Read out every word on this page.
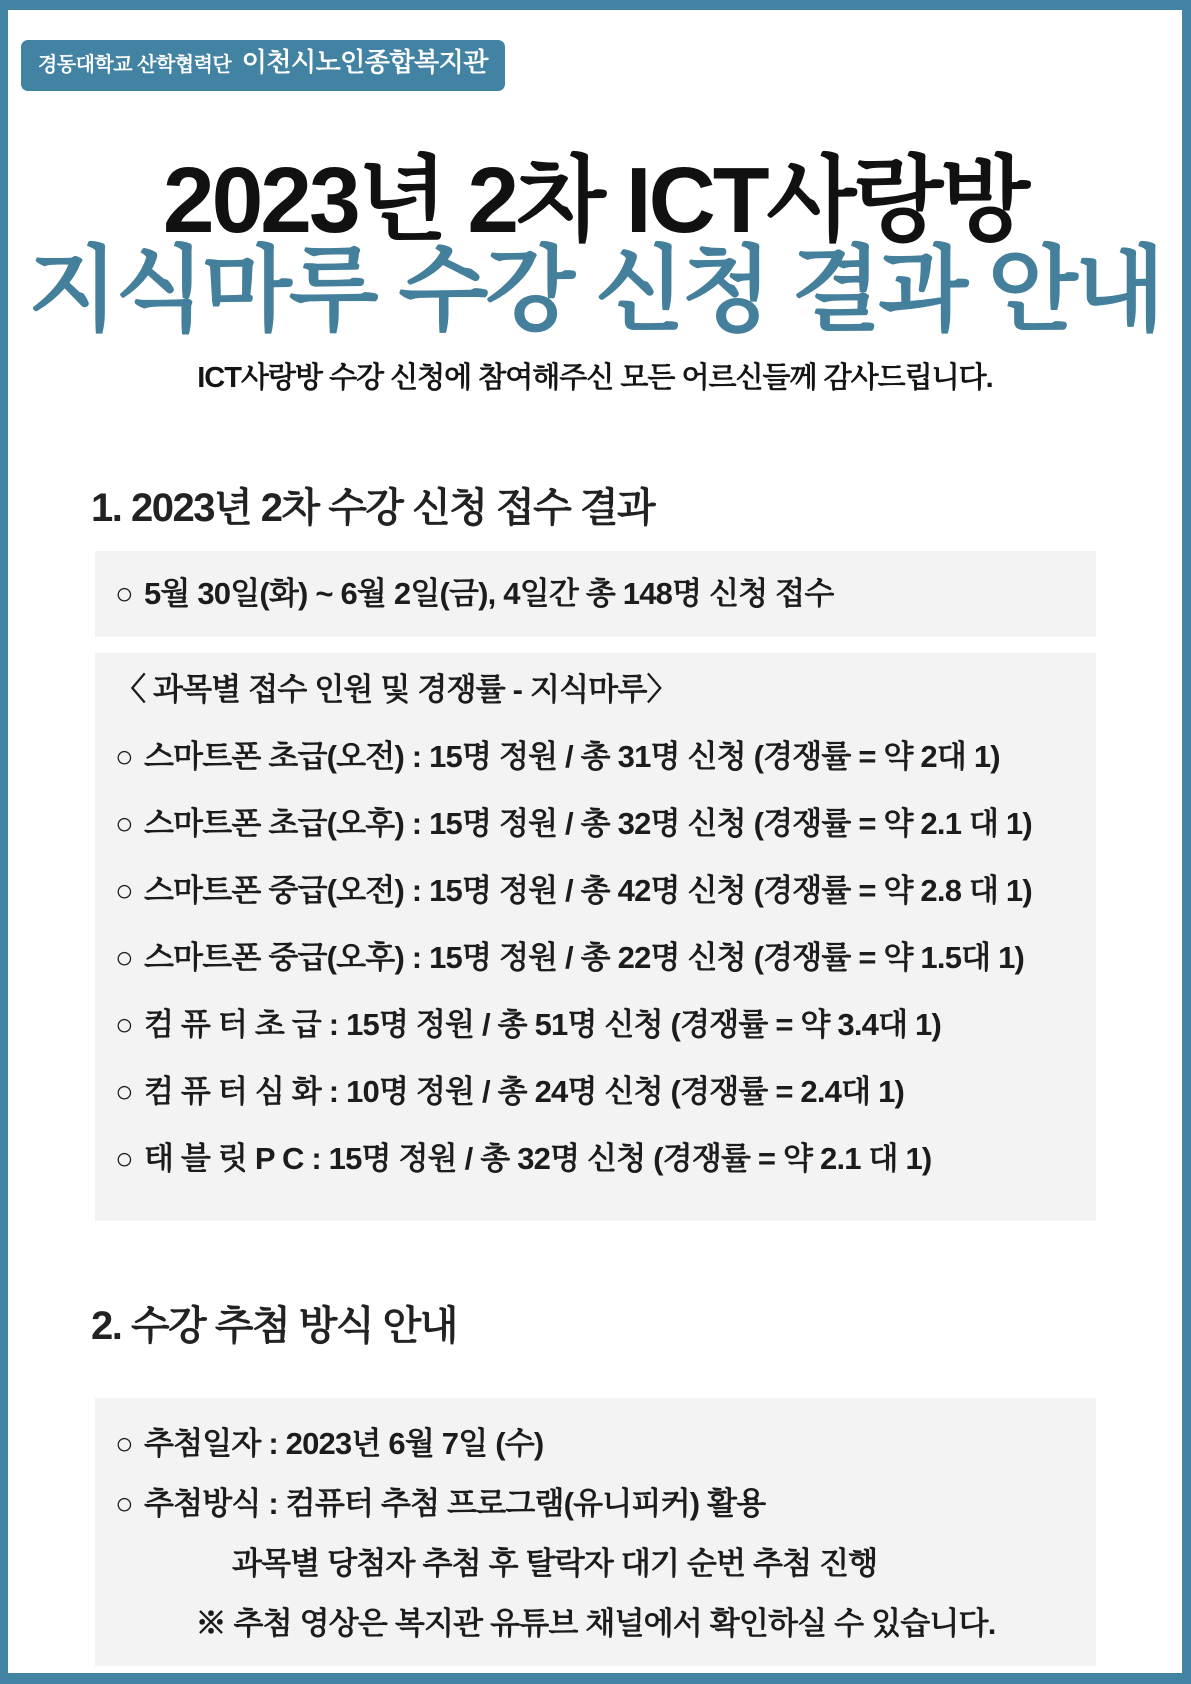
경동대학교 산학협력단 이천시노인종합복지관
2023년 2차 ICT사랑방
지식마루 수강 신청 결과 안내

ICT사랑방 수강 신청에 참여해주신 모든 어르신들께 감사드립니다.

1. 2023년 2차 수강 신청 접수 결과

○ 5월 30일(화) ~ 6월 2일(금), 4일간 총 148명 신청 접수

〈 과목별 접수 인원 및 경쟁률 - 지식마루〉

○ 스마트폰 초급(오전) : 15명 정원 / 총 31명 신청 (경쟁률 = 약 2대 1)

○ 스마트폰 초급(오후) : 15명 정원 / 총 32명 신청 (경쟁률 = 약 2.1 대 1)

○ 스마트폰 중급(오전) : 15명 정원 / 총 42명 신청 (경쟁률 = 약 2.8 대 1)

○ 스마트폰 중급(오후) : 15명 정원 / 총 22명 신청 (경쟁률 = 약 1.5대 1)

○ 컴 퓨 터 초 급 : 15명 정원 / 총 51명 신청 (경쟁률 = 약 3.4대 1)

○ 컴 퓨 터 심 화 : 10명 정원 / 총 24명 신청 (경쟁률 = 2.4대 1)

○ 태 블 릿 P C : 15명 정원 / 총 32명 신청 (경쟁률 = 약 2.1 대 1)

2. 수강 추첨 방식 안내

○ 추첨일자 : 2023년 6월 7일 (수)

○ 추첨방식 : 컴퓨터 추첨 프로그램(유니피커) 활용

과목별 당첨자 추첨 후 탈락자 대기 순번 추첨 진행

※ 추첨 영상은 복지관 유튜브 채널에서 확인하실 수 있습니다.
